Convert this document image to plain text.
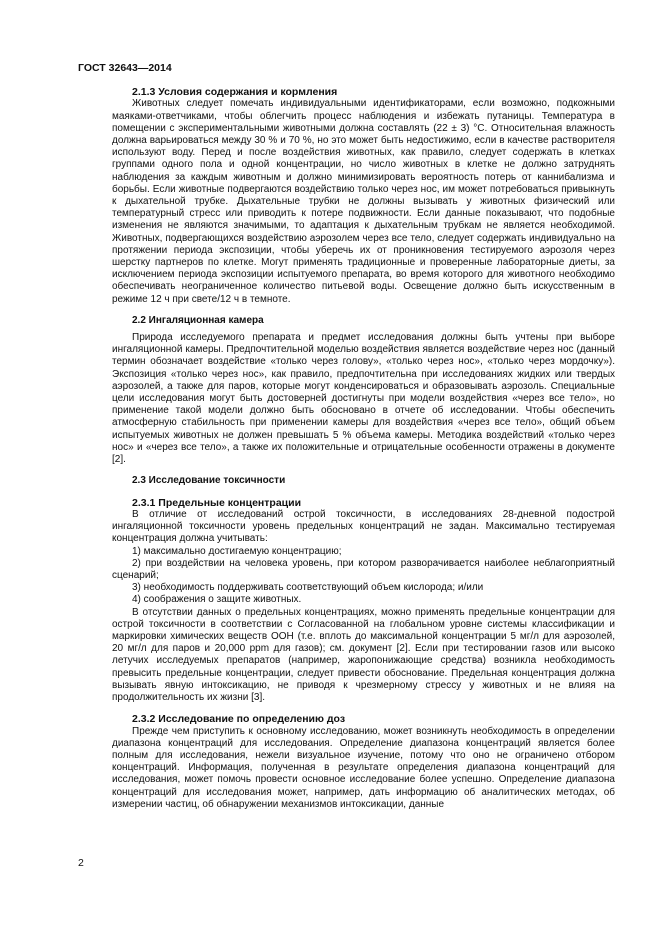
ГОСТ 32643—2014
2.1.3 Условия содержания и кормления

Животных следует помечать индивидуальными идентификаторами, если возможно, подкожными маяками-ответчиками, чтобы облегчить процесс наблюдения и избежать путаницы. Температура в помещении с экспериментальными животными должна составлять (22 ± 3) °С. Относительная влажность должна варьироваться между 30 % и 70 %, но это может быть недостижимо, если в качестве растворителя используют воду. Перед и после воздействия животных, как правило, следует содержать в клетках группами одного пола и одной концентрации, но число животных в клетке не должно затруднять наблюдения за каждым животным и должно минимизировать вероятность потерь от каннибализма и борьбы. Если животные подвергаются воздействию только через нос, им может потребоваться привыкнуть к дыхательной трубке. Дыхательные трубки не должны вызывать у животных физический или температурный стресс или приводить к потере подвижности. Если данные показывают, что подобные изменения не являются значимыми, то адаптация к дыхательным трубкам не является необходимой. Животных, подвергающихся воздействию аэрозолем через все тело, следует содержать индивидуально на протяжении периода экспозиции, чтобы уберечь их от проникновения тестируемого аэрозоля через шерстку партнеров по клетке. Могут применять традиционные и проверенные лабораторные диеты, за исключением периода экспозиции испытуемого препарата, во время которого для животного необходимо обеспечивать неограниченное количество питьевой воды. Освещение должно быть искусственным в режиме 12 ч при свете/12 ч в темноте.

2.2 Ингаляционная камера

Природа исследуемого препарата и предмет исследования должны быть учтены при выборе ингаляционной камеры. Предпочтительной моделью воздействия является воздействие через нос (данный термин обозначает воздействие «только через голову», «только через нос», «только через мордочку»). Экспозиция «только через нос», как правило, предпочтительна при исследованиях жидких или твердых аэрозолей, а также для паров, которые могут конденсироваться и образовывать аэрозоль. Специальные цели исследования могут быть достоверней достигнуты при модели воздействия «через все тело», но применение такой модели должно быть обосновано в отчете об исследовании. Чтобы обеспечить атмосферную стабильность при применении камеры для воздействия «через все тело», общий объем испытуемых животных не должен превышать 5 % объема камеры. Методика воздействий «только через нос» и «через все тело», а также их положительные и отрицательные особенности отражены в документе [2].

2.3 Исследование токсичности
2.3.1 Предельные концентрации

В отличие от исследований острой токсичности, в исследованиях 28-дневной подострой ингаляционной токсичности уровень предельных концентраций не задан. Максимально тестируемая концентрация должна учитывать:

1) максимально достигаемую концентрацию;

2) при воздействии на человека уровень, при котором разворачивается наиболее неблагоприятный сценарий;

3) необходимость поддерживать соответствующий объем кислорода; и/или

4) соображения о защите животных.

В отсутствии данных о предельных концентрациях, можно применять предельные концентрации для острой токсичности в соответствии с Согласованной на глобальном уровне системы классификации и маркировки химических веществ ООН (т.е. вплоть до максимальной концентрации 5 мг/л для аэрозолей, 20 мг/л для паров и 20,000 ppm для газов); см. документ [2]. Если при тестировании газов или высоко летучих исследуемых препаратов (например, жаропонижающие средства) возникла необходимость превысить предельные концентрации, следует привести обоснование. Предельная концентрация должна вызывать явную интоксикацию, не приводя к чрезмерному стрессу у животных и не влияя на продолжительность их жизни [3].

2.3.2 Исследование по определению доз

Прежде чем приступить к основному исследованию, может возникнуть необходимость в определении диапазона концентраций для исследования. Определение диапазона концентраций является более полным для исследования, нежели визуальное изучение, потому что оно не ограничено отбором концентраций. Информация, полученная в результате определения диапазона концентраций для исследования, может помочь провести основное исследование более успешно. Определение диапазона концентраций для исследования может, например, дать информацию об аналитических методах, об измерении частиц, об обнаружении механизмов интоксикации, данные

2
